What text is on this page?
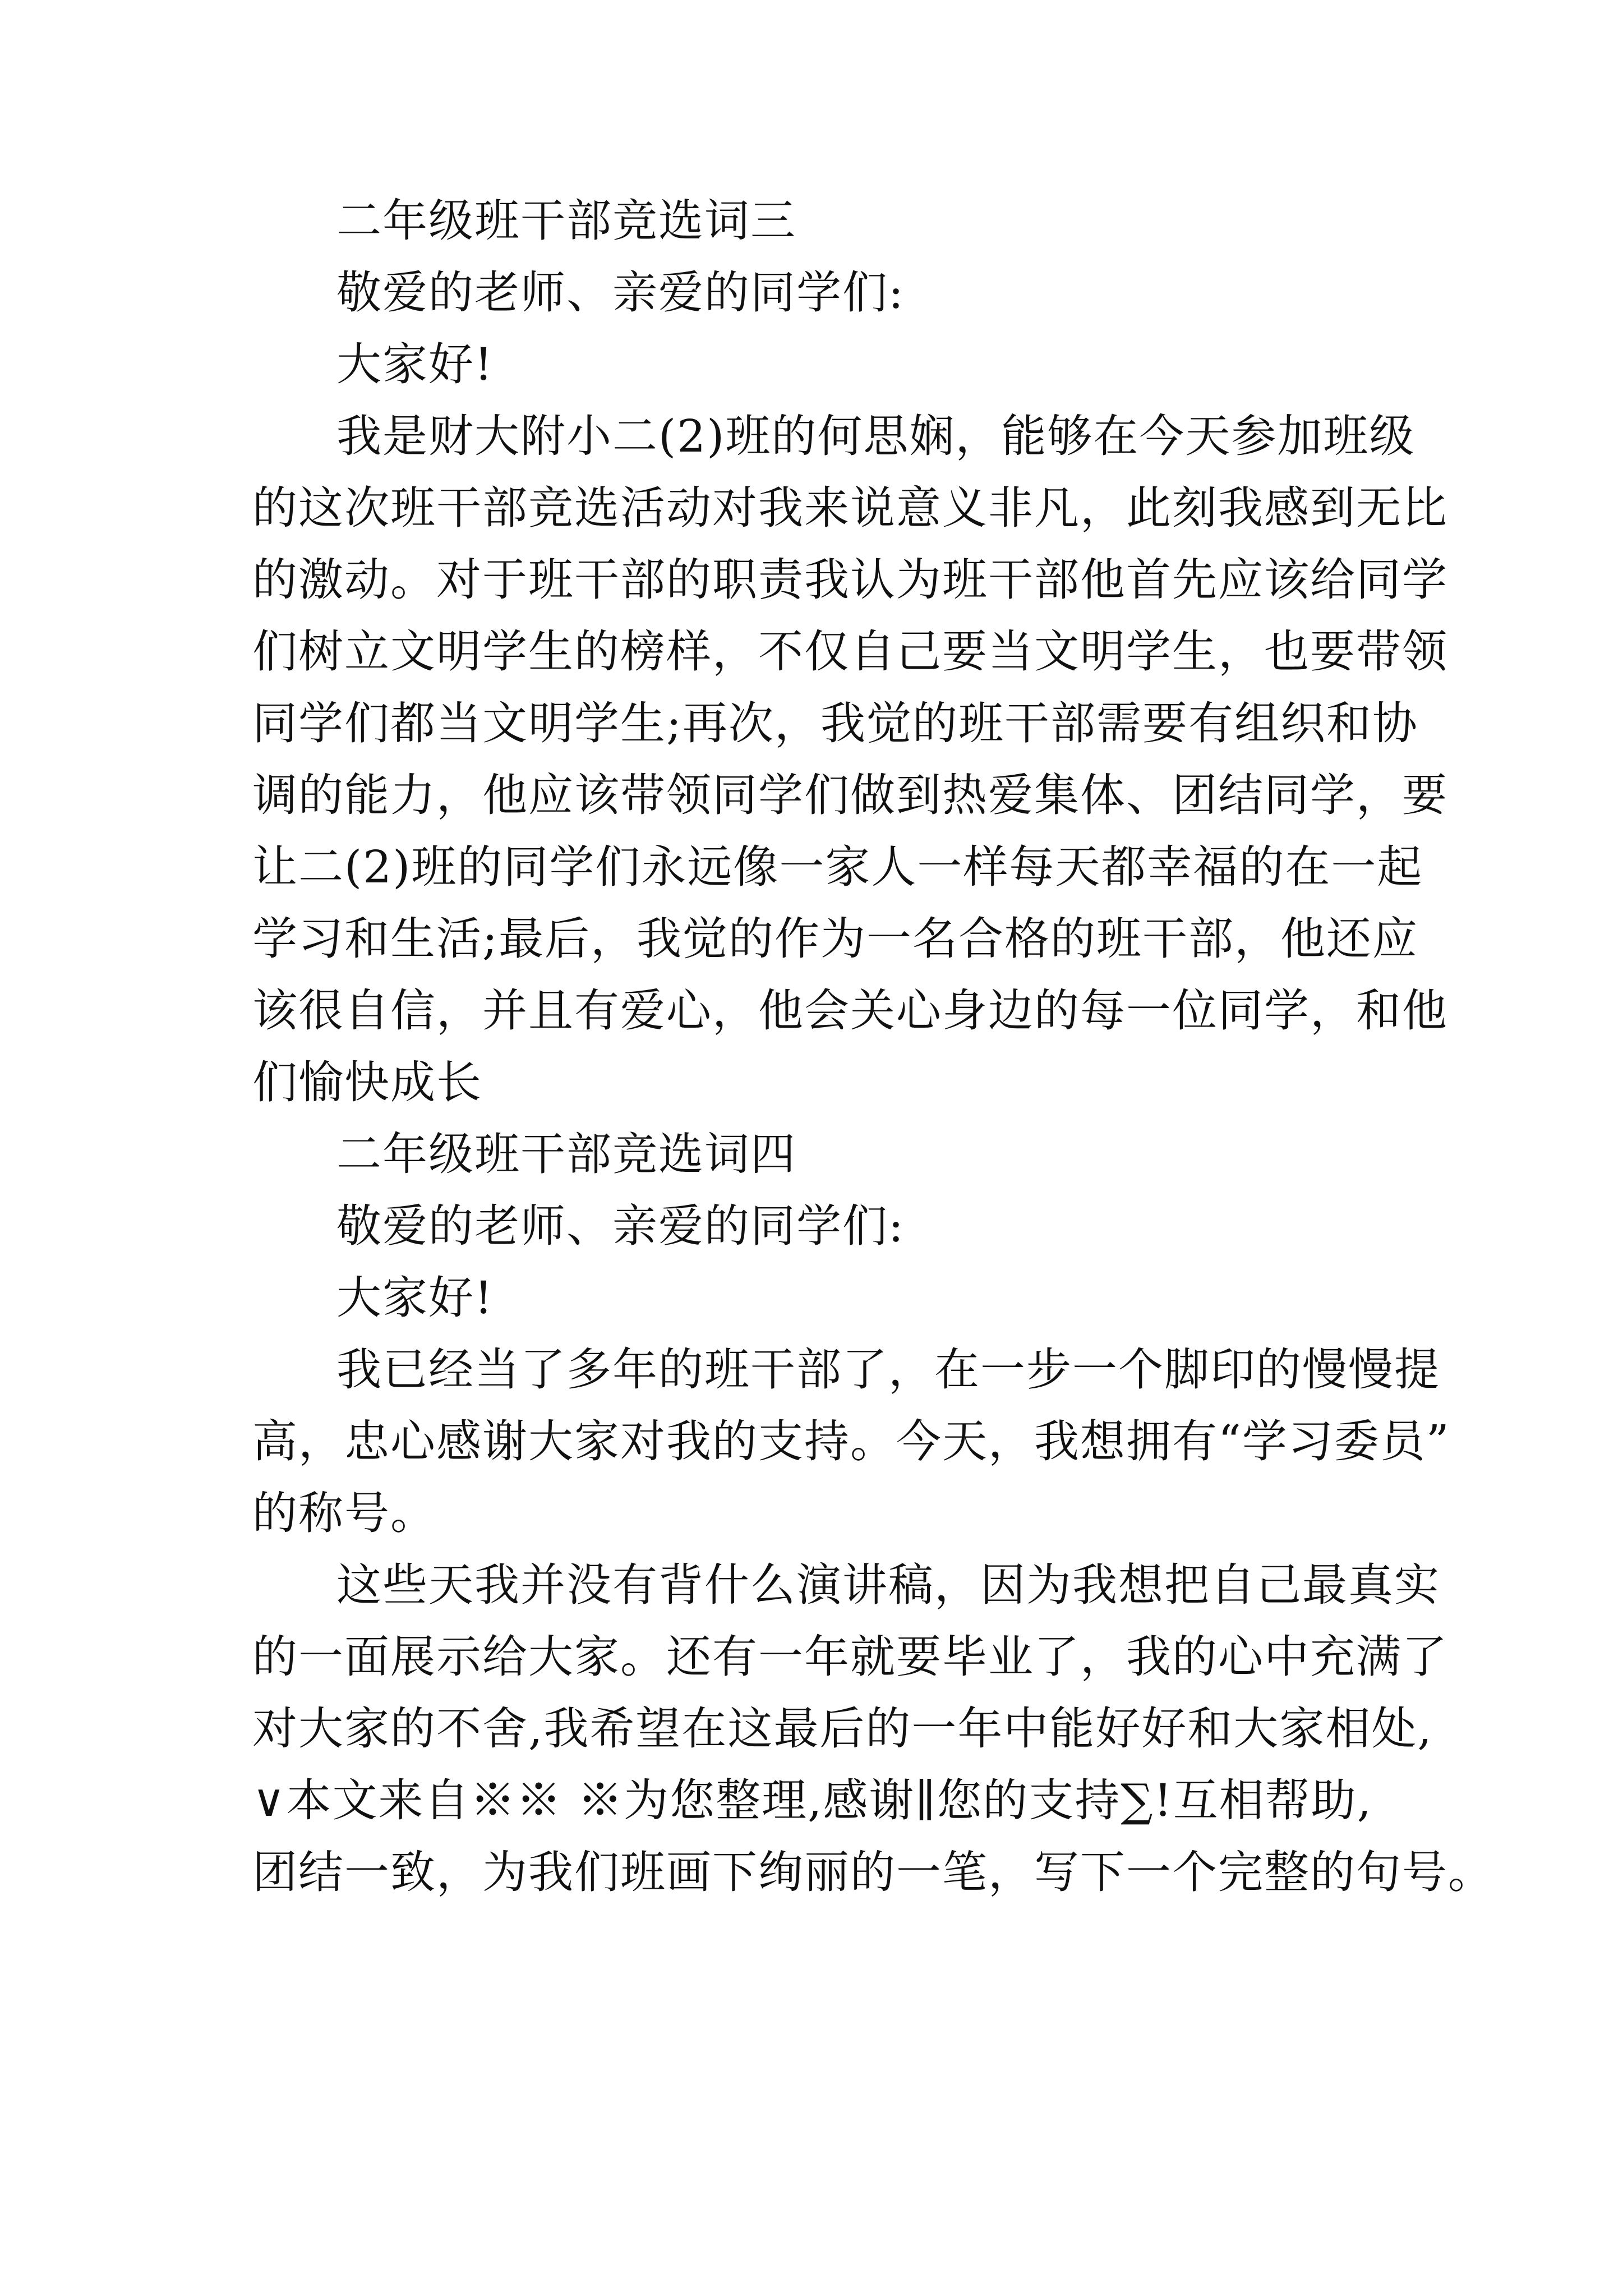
二年级班干部竞选词三
敬爱的老师、亲爱的同学们:
大家好!
我是财大附小二(2)班的何思娴，能够在今天参加班级
的这次班干部竞选活动对我来说意义非凡，此刻我感到无比
的激动。对于班干部的职责我认为班干部他首先应该给同学
们树立文明学生的榜样，不仅自己要当文明学生，也要带领
同学们都当文明学生;再次，我觉的班干部需要有组织和协
调的能力，他应该带领同学们做到热爱集体、团结同学，要
让二(2)班的同学们永远像一家人一样每天都幸福的在一起
学习和生活;最后，我觉的作为一名合格的班干部，他还应
该很自信，并且有爱心，他会关心身边的每一位同学，和他
们愉快成长
二年级班干部竞选词四
敬爱的老师、亲爱的同学们:
大家好!
我已经当了多年的班干部了，在一步一个脚印的慢慢提
高，忠心感谢大家对我的支持。今天，我想拥有“学习委员”
的称号。
这些天我并没有背什么演讲稿，因为我想把自己最真实
的一面展示给大家。还有一年就要毕业了，我的心中充满了
对大家的不舍,我希望在这最后的一年中能好好和大家相处,
∨本文来自※※ ※为您整理,感谢∥您的支持∑!互相帮助,
团结一致，为我们班画下绚丽的一笔，写下一个完整的句号。
